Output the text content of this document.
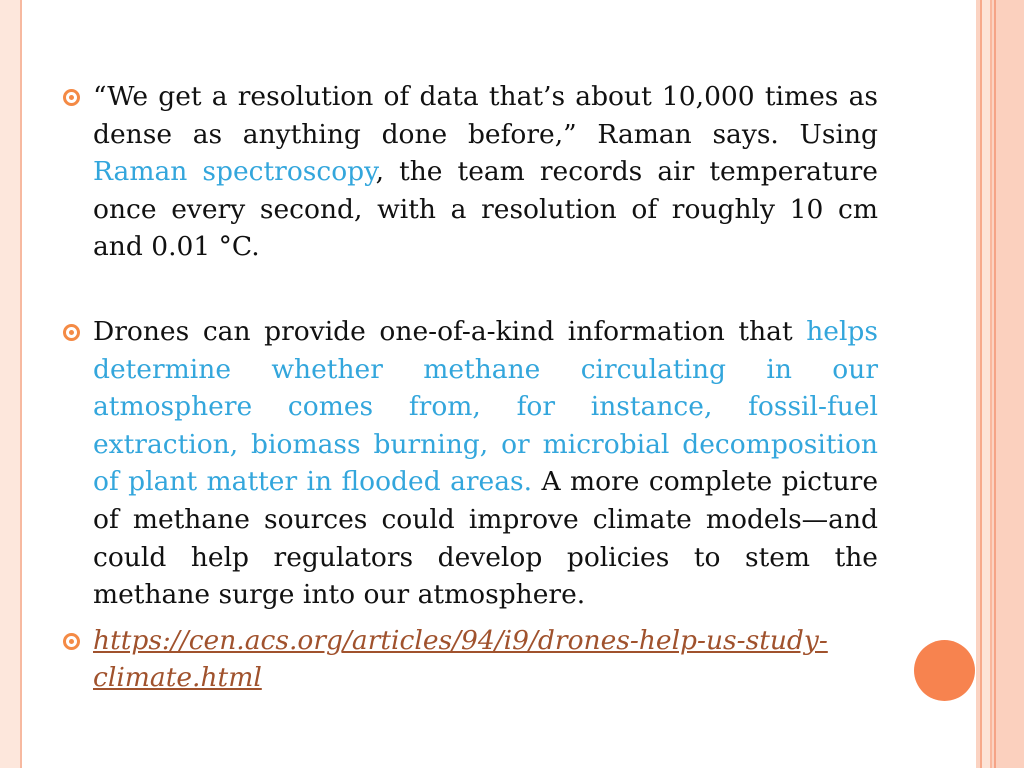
“We get a resolution of data that’s about 10,000 times as dense as anything done before,” Raman says. Using Raman spectroscopy, the team records air temperature once every second, with a resolution of roughly 10 cm and 0.01 °C.

Drones can provide one-of-a-kind information that helps determine whether methane circulating in our atmosphere comes from, for instance, fossil-fuel extraction, biomass burning, or microbial decomposition of plant matter in flooded areas. A more complete picture of methane sources could improve climate models—and could help regulators develop policies to stem the methane surge into our atmosphere.

https://cen.acs.org/articles/94/i9/drones-help-us-study-climate.html
